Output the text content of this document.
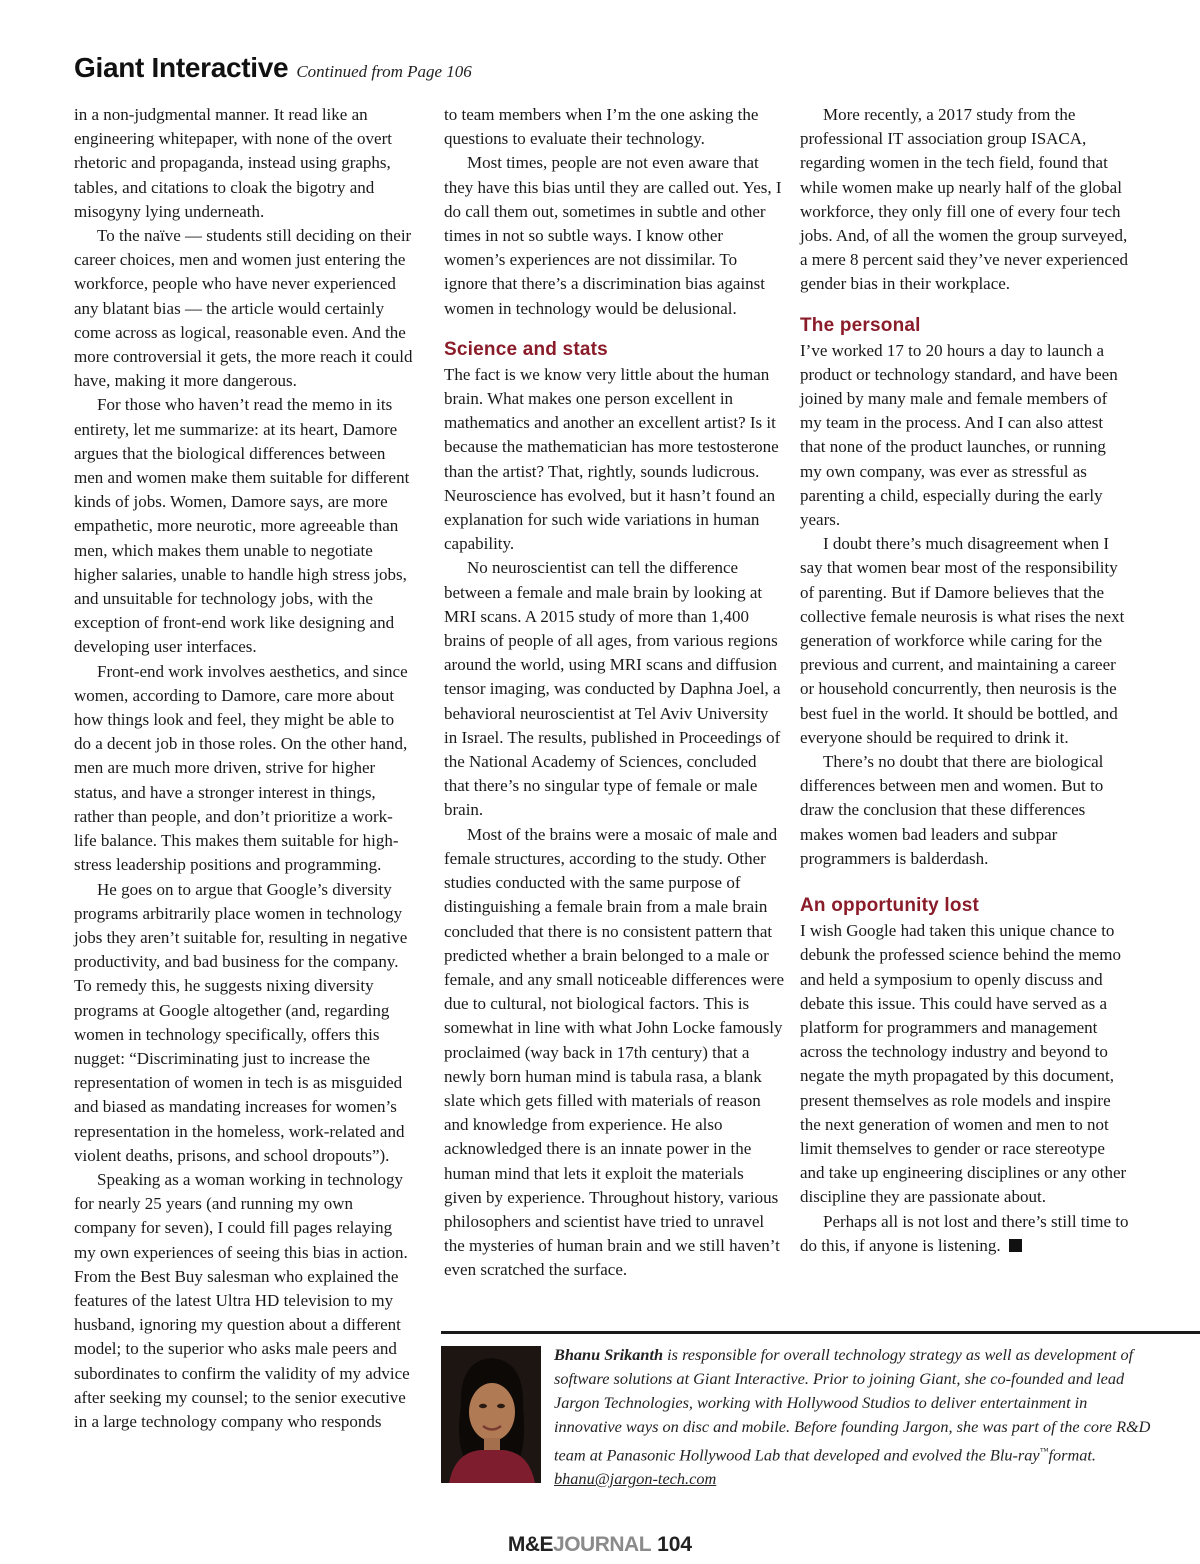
Giant Interactive Continued from Page 106

in a non-judgmental manner. It read like an engineering whitepaper, with none of the overt rhetoric and propaganda, instead using graphs, tables, and citations to cloak the bigotry and misogyny lying underneath.

To the naïve — students still deciding on their career choices, men and women just entering the workforce, people who have never experienced any blatant bias — the article would certainly come across as logical, reasonable even. And the more controversial it gets, the more reach it could have, making it more dangerous.

For those who haven’t read the memo in its entirety, let me summarize: at its heart, Damore argues that the biological differences between men and women make them suitable for different kinds of jobs. Women, Damore says, are more empathetic, more neurotic, more agreeable than men, which makes them unable to negotiate higher salaries, unable to handle high stress jobs, and unsuitable for technology jobs, with the exception of front-end work like designing and developing user interfaces.

Front-end work involves aesthetics, and since women, according to Damore, care more about how things look and feel, they might be able to do a decent job in those roles. On the other hand, men are much more driven, strive for higher status, and have a stronger interest in things, rather than people, and don’t prioritize a work-life balance. This makes them suitable for high-stress leadership positions and programming.

He goes on to argue that Google’s diversity programs arbitrarily place women in technology jobs they aren’t suitable for, resulting in negative productivity, and bad business for the company. To remedy this, he suggests nixing diversity programs at Google altogether (and, regarding women in technology specifically, offers this nugget: “Discriminating just to increase the representation of women in tech is as misguided and biased as mandating increases for women’s representation in the homeless, work-related and violent deaths, prisons, and school dropouts”).

Speaking as a woman working in technology for nearly 25 years (and running my own company for seven), I could fill pages relaying my own experiences of seeing this bias in action. From the Best Buy salesman who explained the features of the latest Ultra HD television to my husband, ignoring my question about a different model; to the superior who asks male peers and subordinates to confirm the validity of my advice after seeking my counsel; to the senior executive in a large technology company who responds

to team members when I’m the one asking the questions to evaluate their technology.

Most times, people are not even aware that they have this bias until they are called out. Yes, I do call them out, sometimes in subtle and other times in not so subtle ways. I know other women’s experiences are not dissimilar. To ignore that there’s a discrimination bias against women in technology would be delusional.

Science and stats

The fact is we know very little about the human brain. What makes one person excellent in mathematics and another an excellent artist? Is it because the mathematician has more testosterone than the artist? That, rightly, sounds ludicrous. Neuroscience has evolved, but it hasn’t found an explanation for such wide variations in human capability.

No neuroscientist can tell the difference between a female and male brain by looking at MRI scans. A 2015 study of more than 1,400 brains of people of all ages, from various regions around the world, using MRI scans and diffusion tensor imaging, was conducted by Daphna Joel, a behavioral neuroscientist at Tel Aviv University in Israel. The results, published in Proceedings of the National Academy of Sciences, concluded that there’s no singular type of female or male brain.

Most of the brains were a mosaic of male and female structures, according to the study. Other studies conducted with the same purpose of distinguishing a female brain from a male brain concluded that there is no consistent pattern that predicted whether a brain belonged to a male or female, and any small noticeable differences were due to cultural, not biological factors. This is somewhat in line with what John Locke famously proclaimed (way back in 17th century) that a newly born human mind is tabula rasa, a blank slate which gets filled with materials of reason and knowledge from experience. He also acknowledged there is an innate power in the human mind that lets it exploit the materials given by experience. Throughout history, various philosophers and scientist have tried to unravel the mysteries of human brain and we still haven’t even scratched the surface.

More recently, a 2017 study from the professional IT association group ISACA, regarding women in the tech field, found that while women make up nearly half of the global workforce, they only fill one of every four tech jobs. And, of all the women the group surveyed, a mere 8 percent said they’ve never experienced gender bias in their workplace.

The personal

I’ve worked 17 to 20 hours a day to launch a product or technology standard, and have been joined by many male and female members of my team in the process. And I can also attest that none of the product launches, or running my own company, was ever as stressful as parenting a child, especially during the early years.

I doubt there’s much disagreement when I say that women bear most of the responsibility of parenting. But if Damore believes that the collective female neurosis is what rises the next generation of workforce while caring for the previous and current, and maintaining a career or household concurrently, then neurosis is the best fuel in the world. It should be bottled, and everyone should be required to drink it.

There’s no doubt that there are biological differences between men and women. But to draw the conclusion that these differences makes women bad leaders and subpar programmers is balderdash.

An opportunity lost

I wish Google had taken this unique chance to debunk the professed science behind the memo and held a symposium to openly discuss and debate this issue. This could have served as a platform for programmers and management across the technology industry and beyond to negate the myth propagated by this document, present themselves as role models and inspire the next generation of women and men to not limit themselves to gender or race stereotype and take up engineering disciplines or any other discipline they are passionate about.

Perhaps all is not lost and there’s still time to do this, if anyone is listening.

Bhanu Srikanth is responsible for overall technology strategy as well as development of software solutions at Giant Interactive. Prior to joining Giant, she co-founded and lead Jargon Technologies, working with Hollywood Studios to deliver entertainment in innovative ways on disc and mobile. Before founding Jargon, she was part of the core R&D team at Panasonic Hollywood Lab that developed and evolved the Blu-ray™format. bhanu@jargon-tech.com
M&EJOURNAL 104
